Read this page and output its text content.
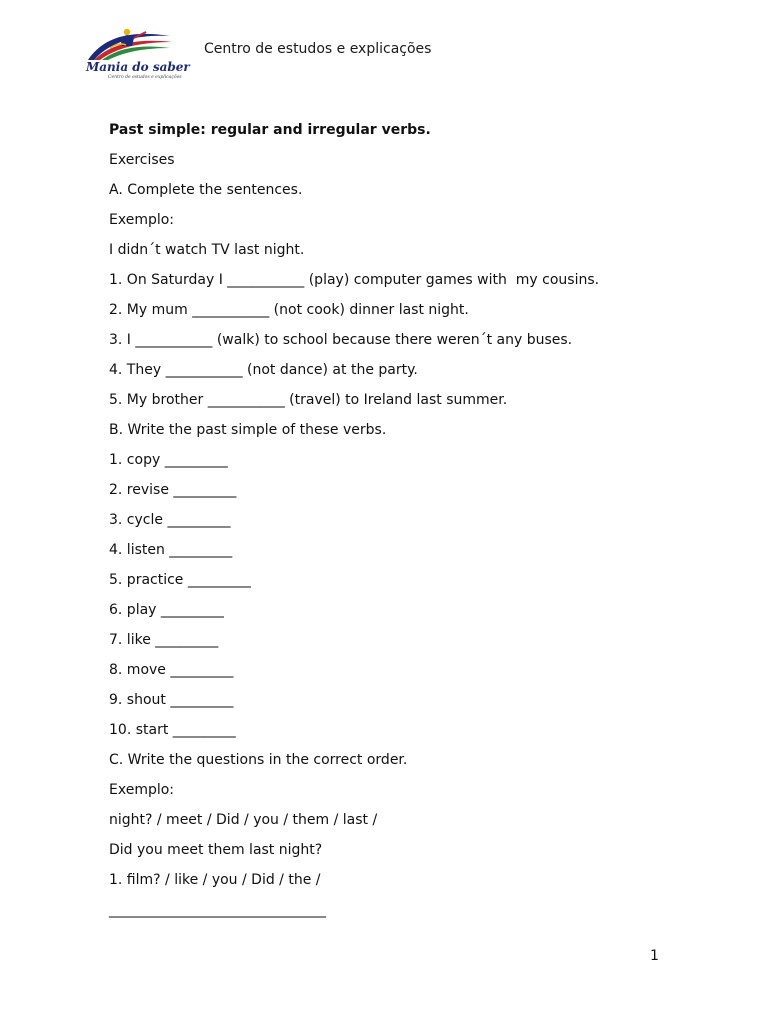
Mania do saber
Centro de estudos e explicações
Centro de estudos e explicações
Past simple: regular and irregular verbs.
Exercises
A. Complete the sentences.
Exemplo:
I didn´t watch TV last night.
1. On Saturday I ___________ (play) computer games with  my cousins.
2. My mum ___________ (not cook) dinner last night.
3. I ___________ (walk) to school because there weren´t any buses.
4. They ___________ (not dance) at the party.
5. My brother ___________ (travel) to Ireland last summer.
B. Write the past simple of these verbs.
1. copy _________
2. revise _________
3. cycle _________
4. listen _________
5. practice _________
6. play _________
7. like _________
8. move _________
9. shout _________
10. start _________
C. Write the questions in the correct order.
Exemplo:
night? / meet / Did / you / them / last /
Did you meet them last night?
1. film? / like / you / Did / the /
_______________________________
1
